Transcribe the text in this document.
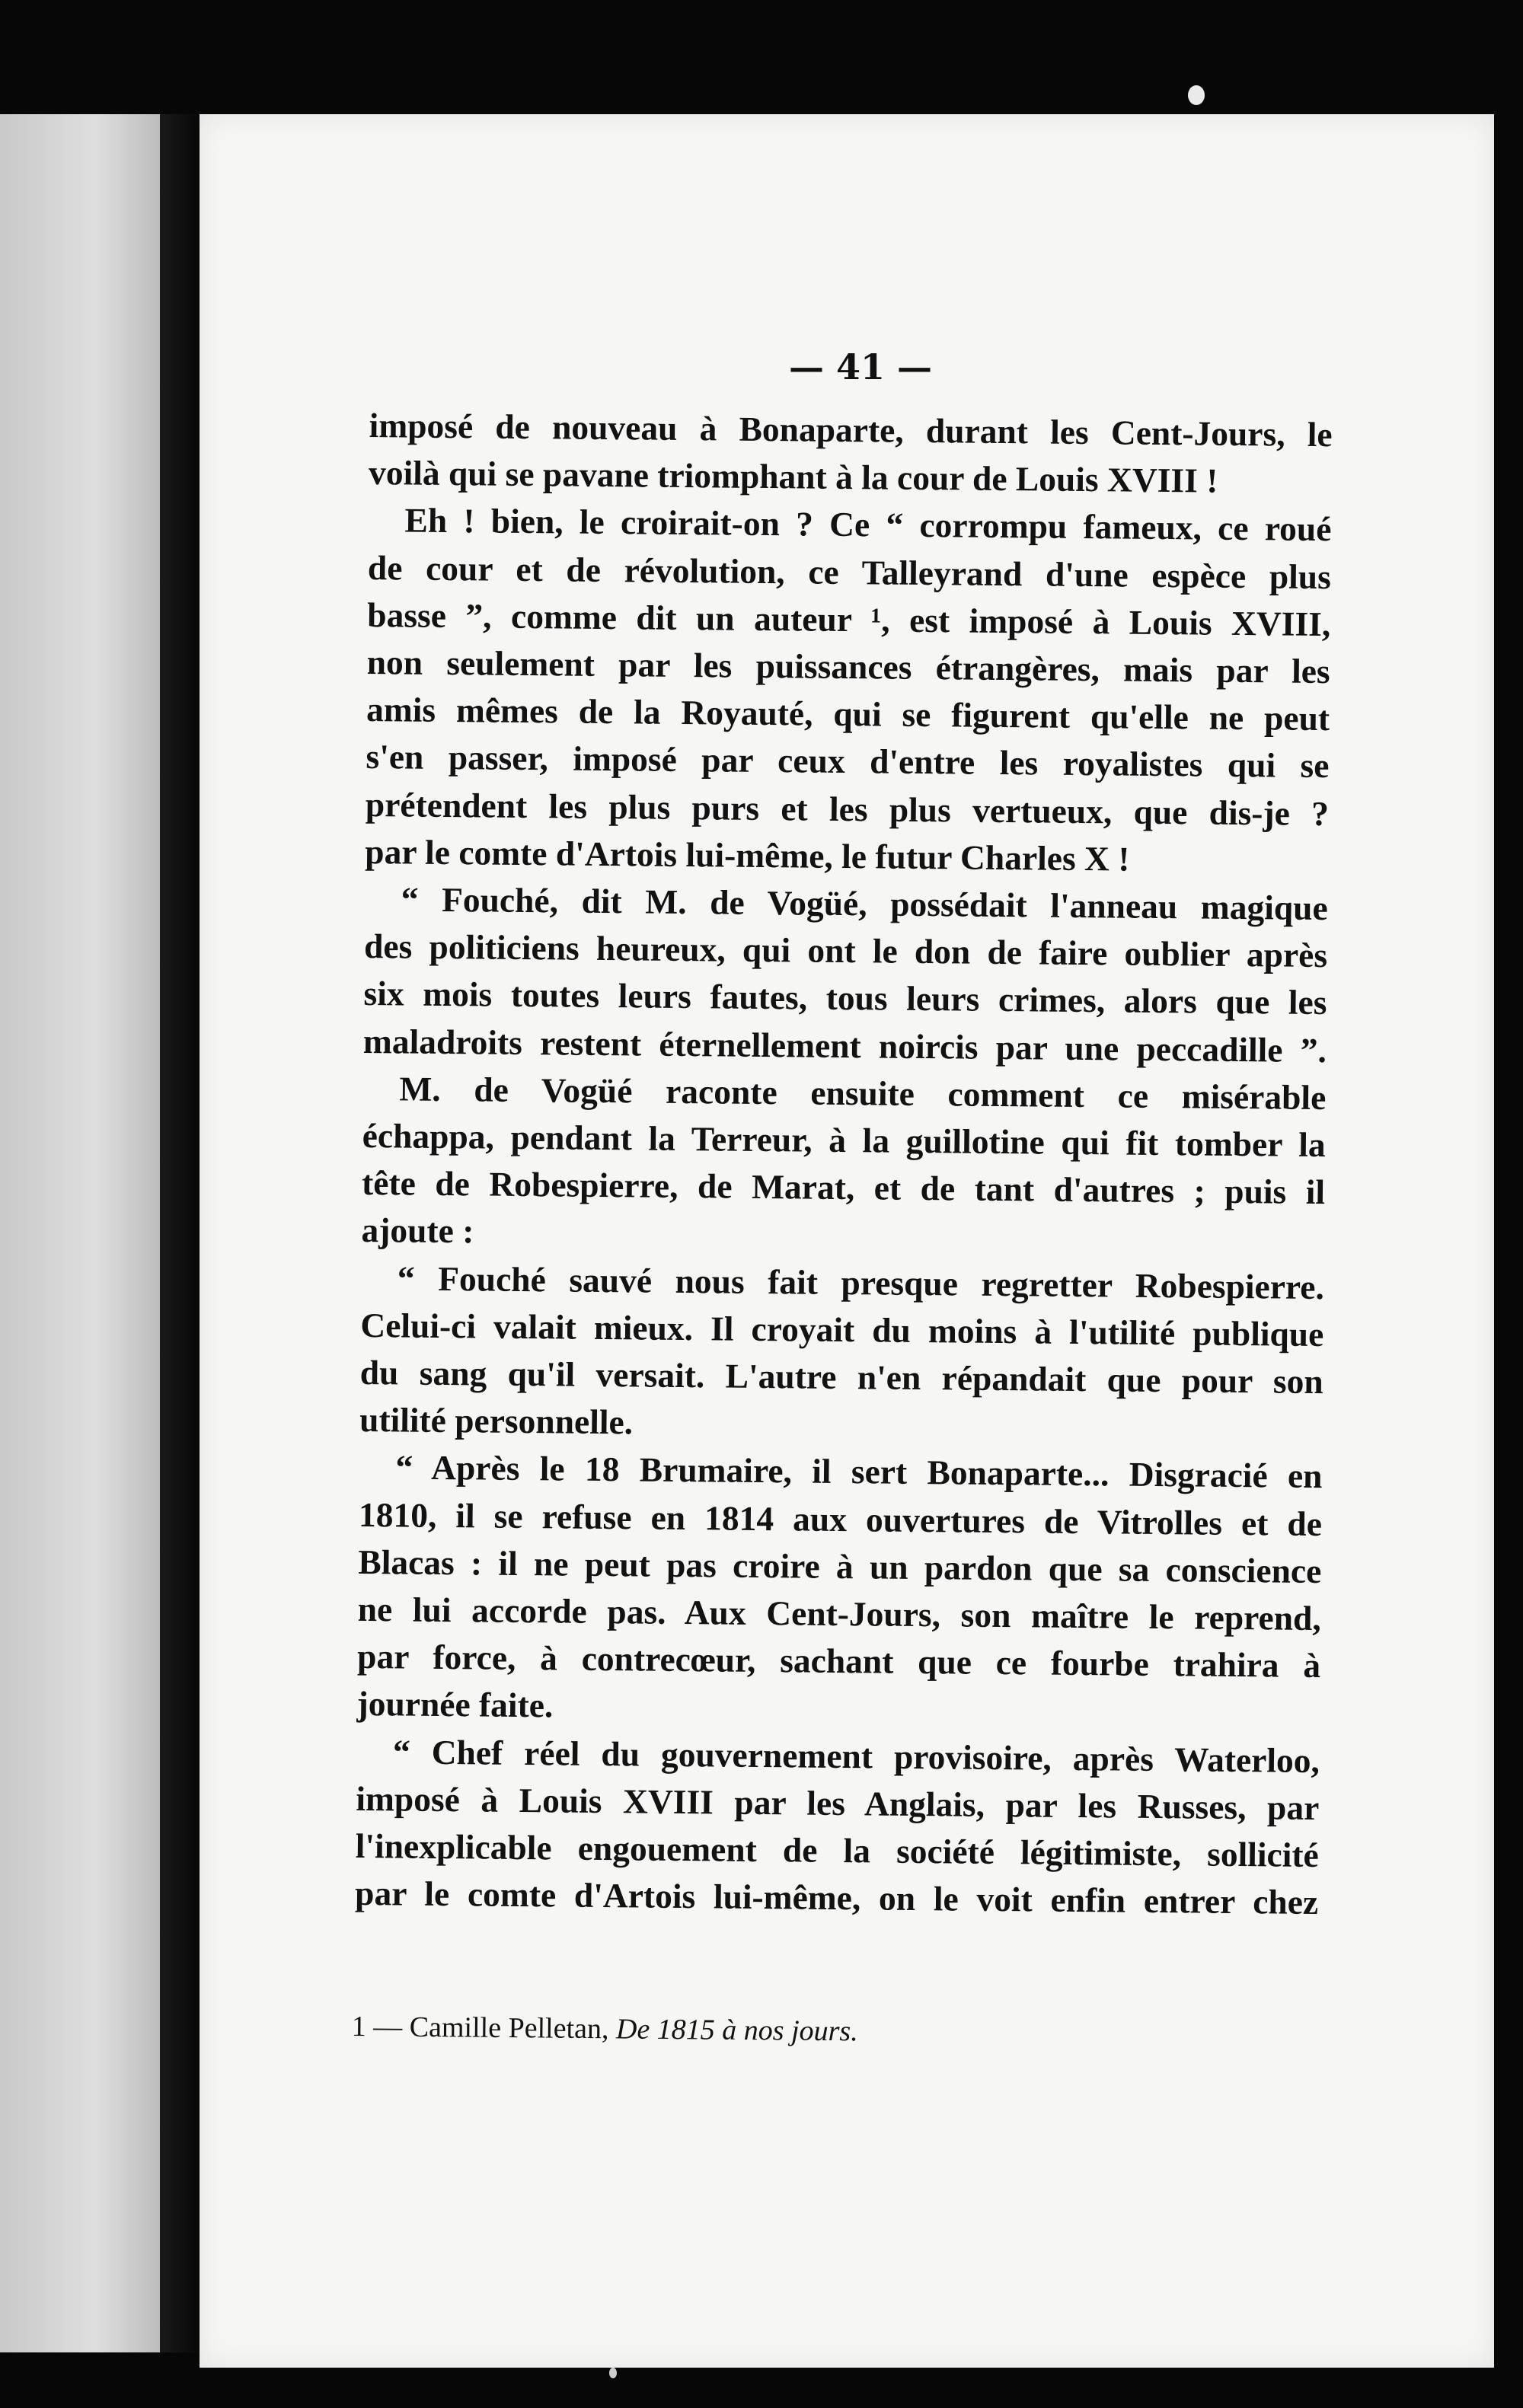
— 41 —
imposé de nouveau à Bonaparte, durant les Cent-Jours, le
voilà qui se pavane triomphant à la cour de Louis XVIII !
Eh ! bien, le croirait-on ? Ce “ corrompu fameux, ce roué
de cour et de révolution, ce Talleyrand d'une espèce plus
basse ”, comme dit un auteur ¹, est imposé à Louis XVIII,
non seulement par les puissances étrangères, mais par les
amis mêmes de la Royauté, qui se figurent qu'elle ne peut
s'en passer, imposé par ceux d'entre les royalistes qui se
prétendent les plus purs et les plus vertueux, que dis-je ?
par le comte d'Artois lui-même, le futur Charles X !
“ Fouché, dit M. de Vogüé, possédait l'anneau magique
des politiciens heureux, qui ont le don de faire oublier après
six mois toutes leurs fautes, tous leurs crimes, alors que les
maladroits restent éternellement noircis par une peccadille ”.
M. de Vogüé raconte ensuite comment ce misérable
échappa, pendant la Terreur, à la guillotine qui fit tomber la
tête de Robespierre, de Marat, et de tant d'autres ; puis il
ajoute :
“ Fouché sauvé nous fait presque regretter Robespierre.
Celui-ci valait mieux. Il croyait du moins à l'utilité publique
du sang qu'il versait. L'autre n'en répandait que pour son
utilité personnelle.
“ Après le 18 Brumaire, il sert Bonaparte... Disgracié en
1810, il se refuse en 1814 aux ouvertures de Vitrolles et de
Blacas : il ne peut pas croire à un pardon que sa conscience
ne lui accorde pas. Aux Cent-Jours, son maître le reprend,
par force, à contrecœur, sachant que ce fourbe trahira à
journée faite.
“ Chef réel du gouvernement provisoire, après Waterloo,
imposé à Louis XVIII par les Anglais, par les Russes, par
l'inexplicable engouement de la société légitimiste, sollicité
par le comte d'Artois lui-même, on le voit enfin entrer chez
1 — Camille Pelletan, De 1815 à nos jours.
